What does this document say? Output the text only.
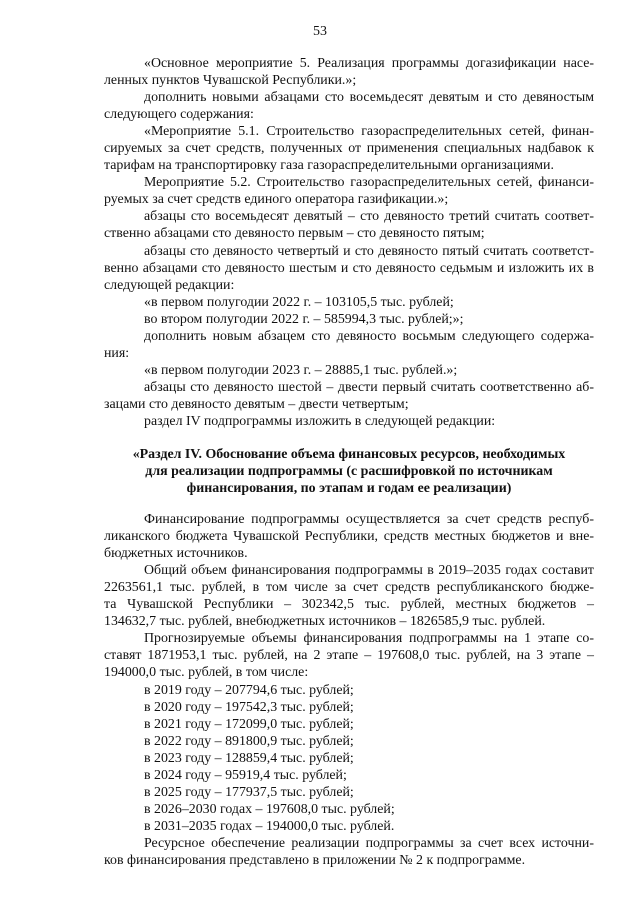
53
«Основное мероприятие 5. Реализация программы догазификации насе-
ленных пунктов Чувашской Республики.»;
дополнить новыми абзацами сто восемьдесят девятым и сто девяностым
следующего содержания:
«Мероприятие 5.1. Строительство газораспределительных сетей, финан-
сируемых за счет средств, полученных от применения специальных надбавок к
тарифам на транспортировку газа газораспределительными организациями.
Мероприятие 5.2. Строительство газораспределительных сетей, финанси-
руемых за счет средств единого оператора газификации.»;
абзацы сто восемьдесят девятый – сто девяносто третий считать соответ-
ственно абзацами сто девяносто первым – сто девяносто пятым;
абзацы сто девяносто четвертый и сто девяносто пятый считать соответст-
венно абзацами сто девяносто шестым и сто девяносто седьмым и изложить их в
следующей редакции:
«в первом полугодии 2022 г. – 103105,5 тыс. рублей;
во втором полугодии 2022 г. – 585994,3 тыс. рублей;»;
дополнить новым абзацем сто девяносто восьмым следующего содержа-
ния:
«в первом полугодии 2023 г. – 28885,1 тыс. рублей.»;
абзацы сто девяносто шестой – двести первый считать соответственно аб-
зацами сто девяносто девятым – двести четвертым;
раздел IV подпрограммы изложить в следующей редакции:
«Раздел IV. Обоснование объема финансовых ресурсов, необходимых
для реализации подпрограммы (с расшифровкой по источникам
финансирования, по этапам и годам ее реализации)
Финансирование подпрограммы осуществляется за счет средств респуб-
ликанского бюджета Чувашской Республики, средств местных бюджетов и вне-
бюджетных источников.
Общий объем финансирования подпрограммы в 2019–2035 годах составит
2263561,1 тыс. рублей, в том числе за счет средств республиканского бюдже-
та Чувашской Республики – 302342,5 тыс. рублей, местных бюджетов –
134632,7 тыс. рублей, внебюджетных источников – 1826585,9 тыс. рублей.
Прогнозируемые объемы финансирования подпрограммы на 1 этапе со-
ставят 1871953,1 тыс. рублей, на 2 этапе – 197608,0 тыс. рублей, на 3 этапе –
194000,0 тыс. рублей, в том числе:
в 2019 году – 207794,6 тыс. рублей;
в 2020 году – 197542,3 тыс. рублей;
в 2021 году – 172099,0 тыс. рублей;
в 2022 году – 891800,9 тыс. рублей;
в 2023 году – 128859,4 тыс. рублей;
в 2024 году – 95919,4 тыс. рублей;
в 2025 году – 177937,5 тыс. рублей;
в 2026–2030 годах – 197608,0 тыс. рублей;
в 2031–2035 годах – 194000,0 тыс. рублей.
Ресурсное обеспечение реализации подпрограммы за счет всех источни-
ков финансирования представлено в приложении № 2 к подпрограмме.
